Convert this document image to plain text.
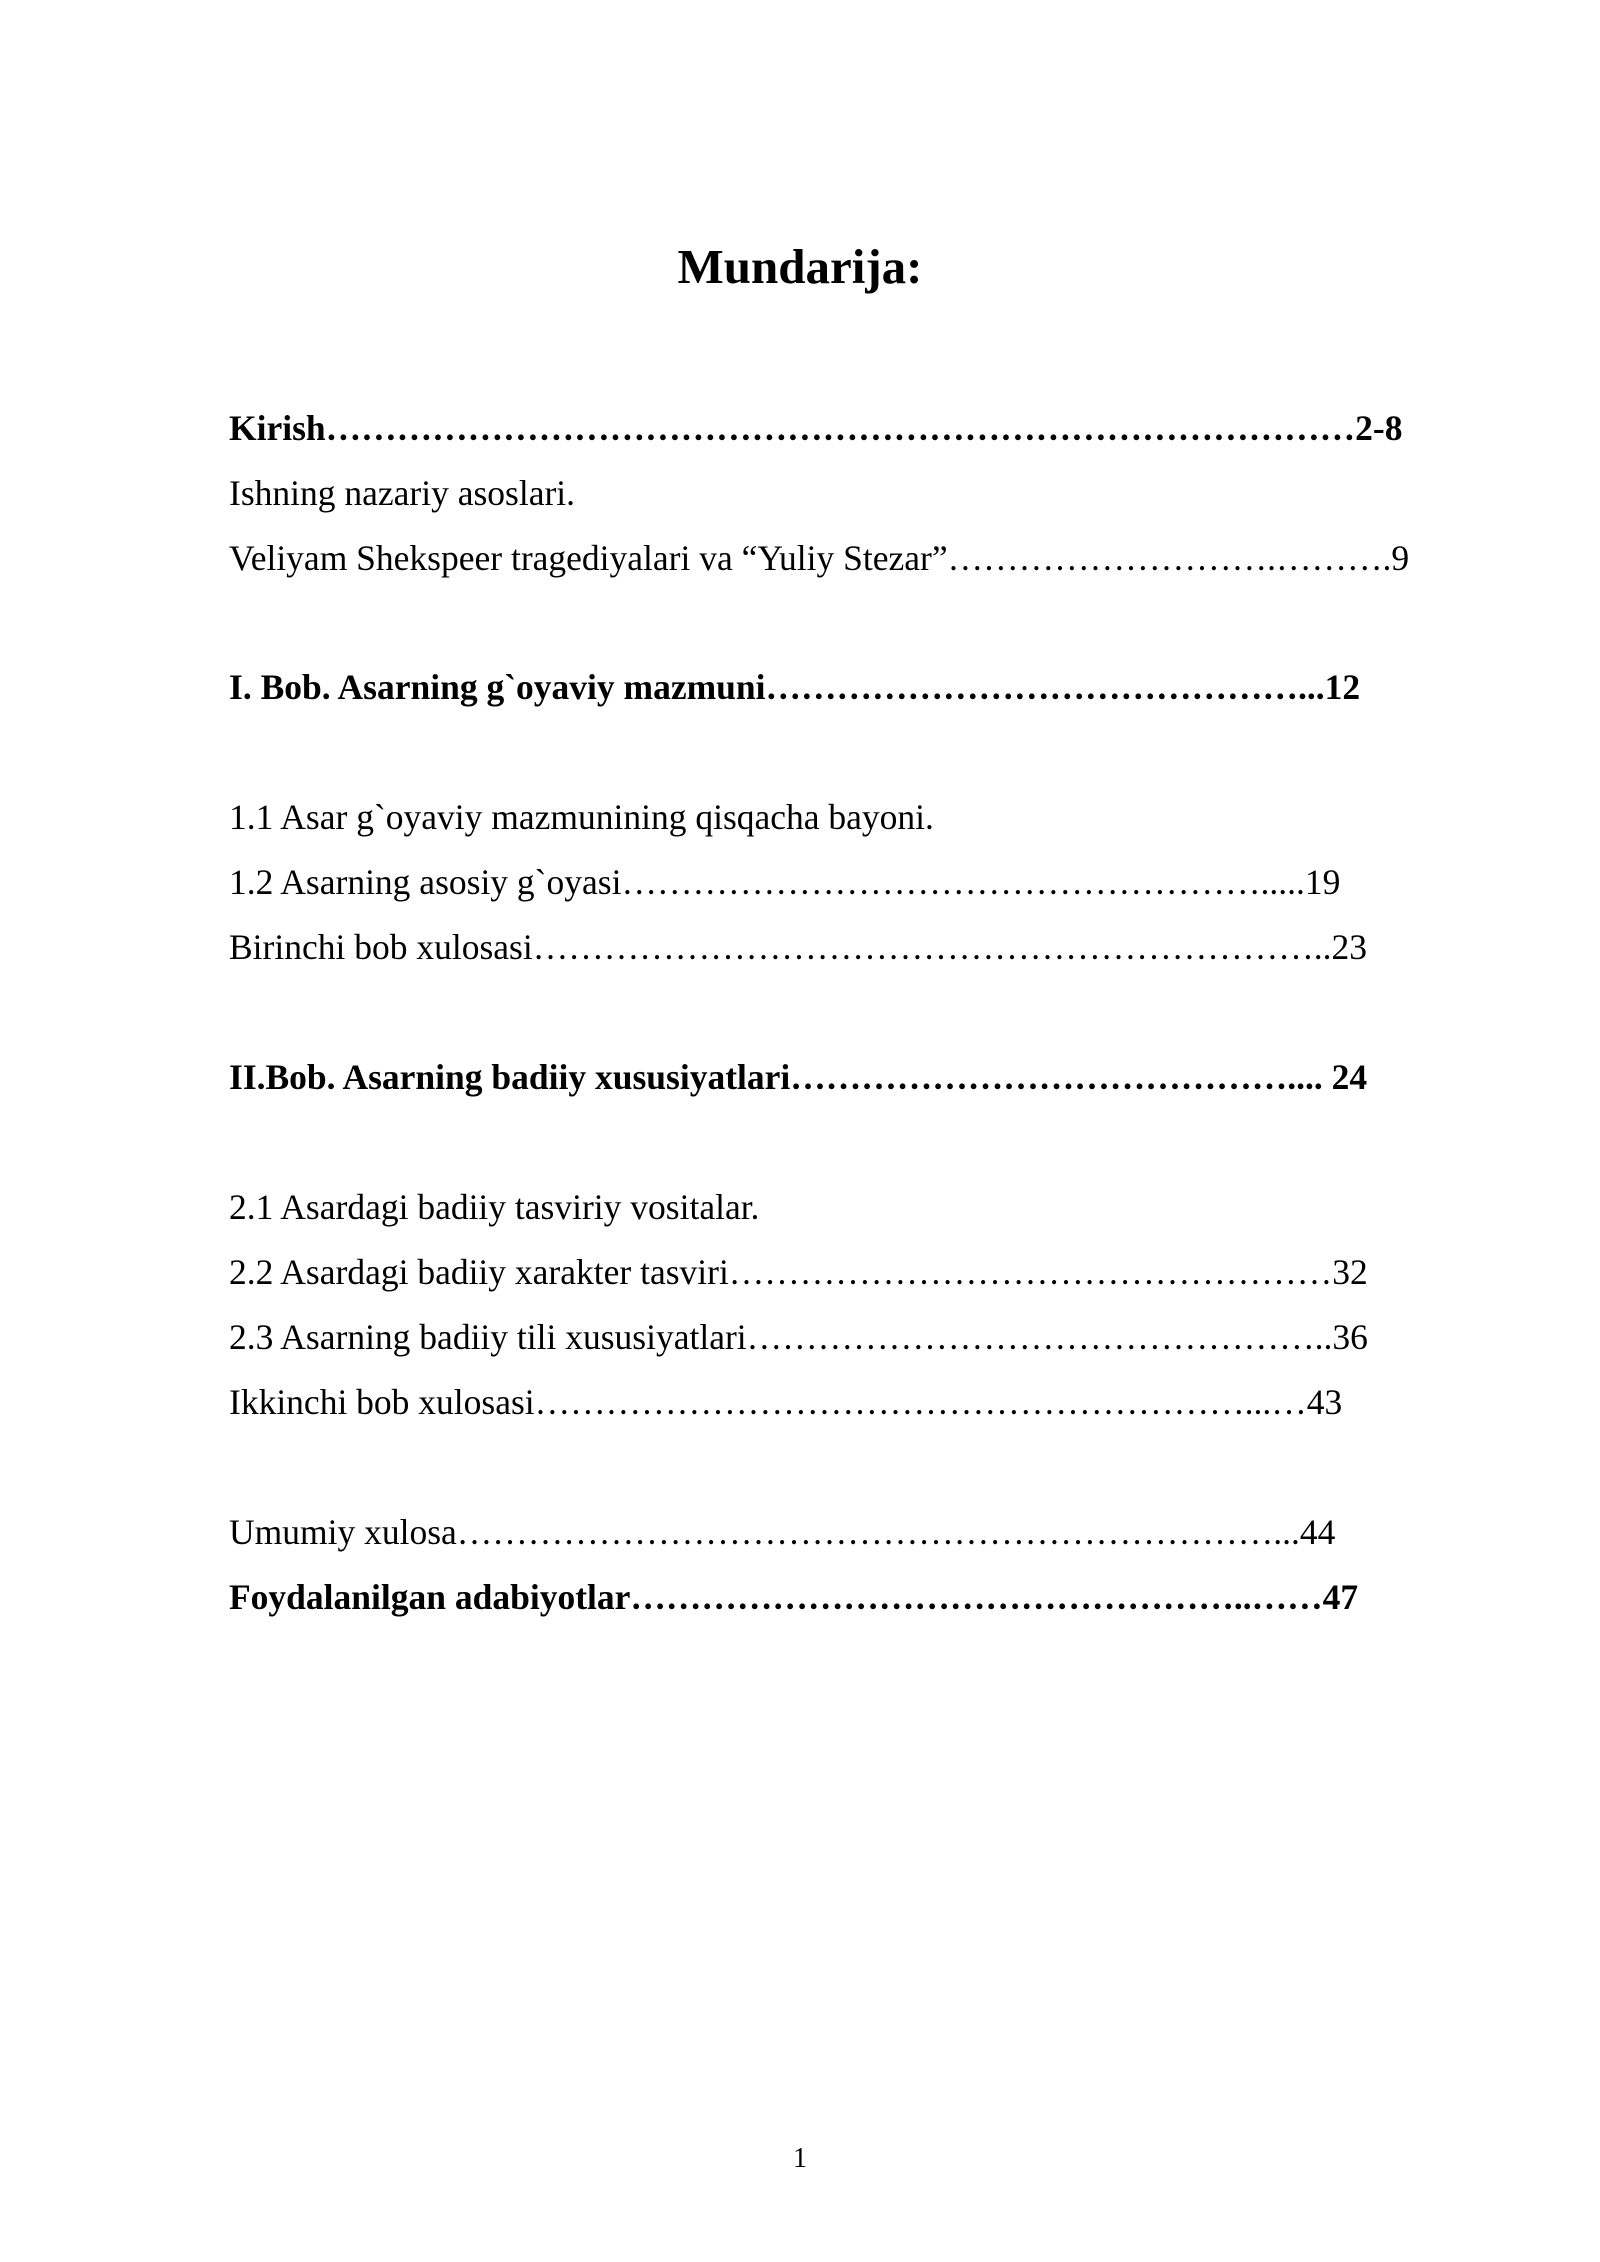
Mundarija:
Kirish……………………………………………………………………………2-8
Ishning nazariy asoslari.
Veliyam Shekspeer tragediyalari va “Yuliy Stezar”……………………….……….9
I. Bob. Asarning g`oyaviy mazmuni………………………………………...12
1.1 Asar g`oyaviy mazmunining qisqacha bayoni.
1.2 Asarning asosiy g`oyasi……………………………………………….....19
Birinchi bob xulosasi…………………………………………………………..23
II.Bob. Asarning badiiy xususiyatlari…………………………………….... 24
2.1 Asardagi badiiy tasviriy vositalar.
2.2 Asardagi badiiy xarakter tasviri……………………………………………32
2.3 Asarning badiiy tili xususiyatlari…………………………………………..36
Ikkinchi bob xulosasi……………………………………………………...…43
Umumiy xulosa……………………………………………………………...44
Foydalanilgan adabiyotlar……………………………………………..……47
1
